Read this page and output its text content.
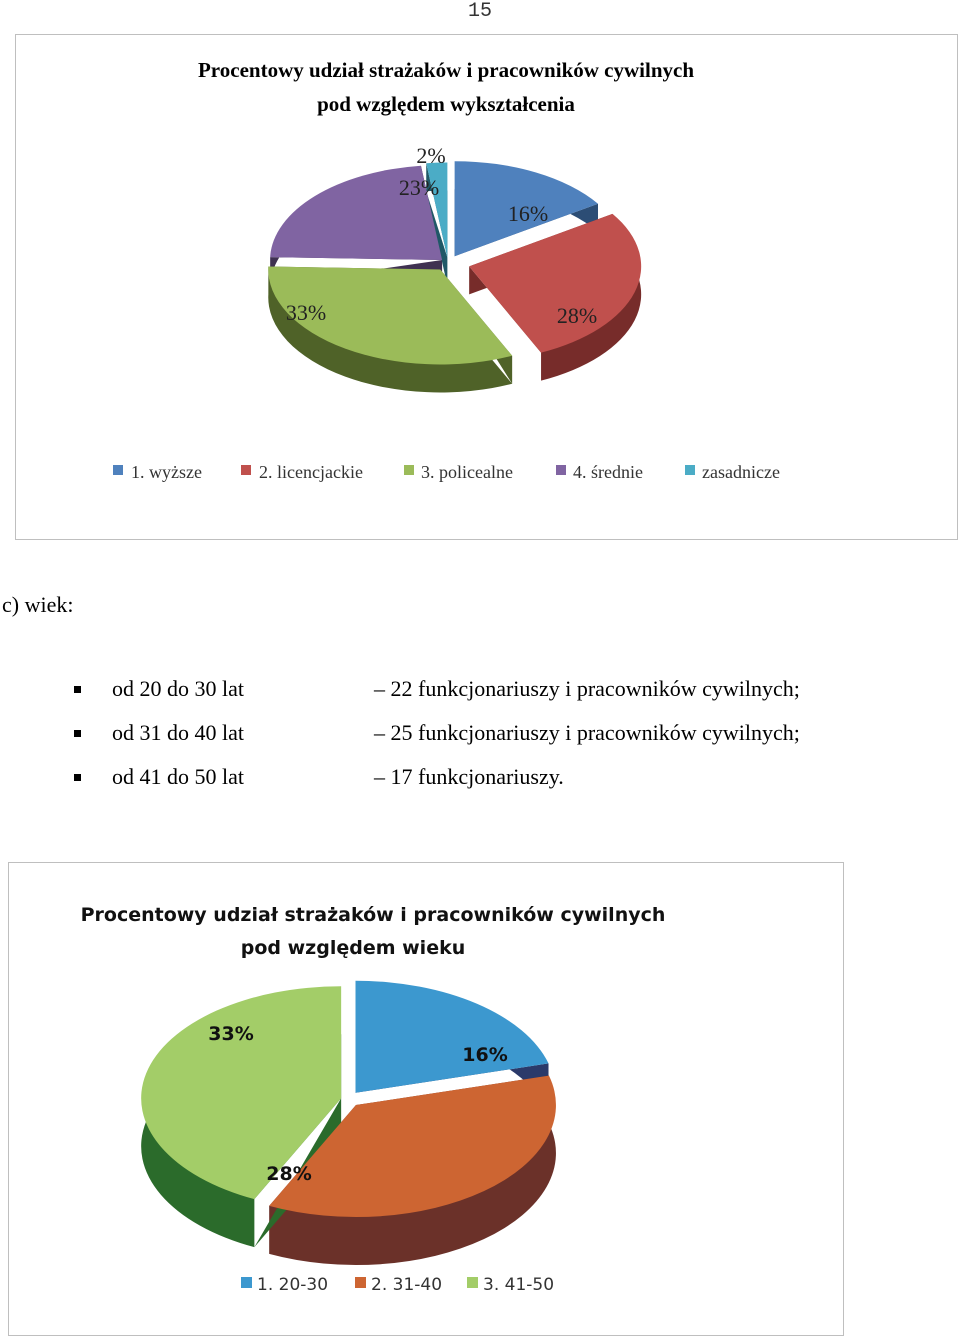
15
Procentowy udział strażaków i pracowników cywilnych
pod względem wykształcenia
2%
23%
16%
33%	28%
1. wyższe	2. licencjackie	3. policealne	4. średnie	zasadnicze
c) wiek:
od 20 do 30 lat	– 22 funkcjonariuszy i pracowników cywilnych;
od 31 do 40 lat	– 25 funkcjonariuszy i pracowników cywilnych;
od 41 do 50 lat	– 17 funkcjonariuszy.
Procentowy udział strażaków i pracowników cywilnych
pod względem wieku
16%
33%
28%
1. 20-30	2. 31-40 3. 41-50
